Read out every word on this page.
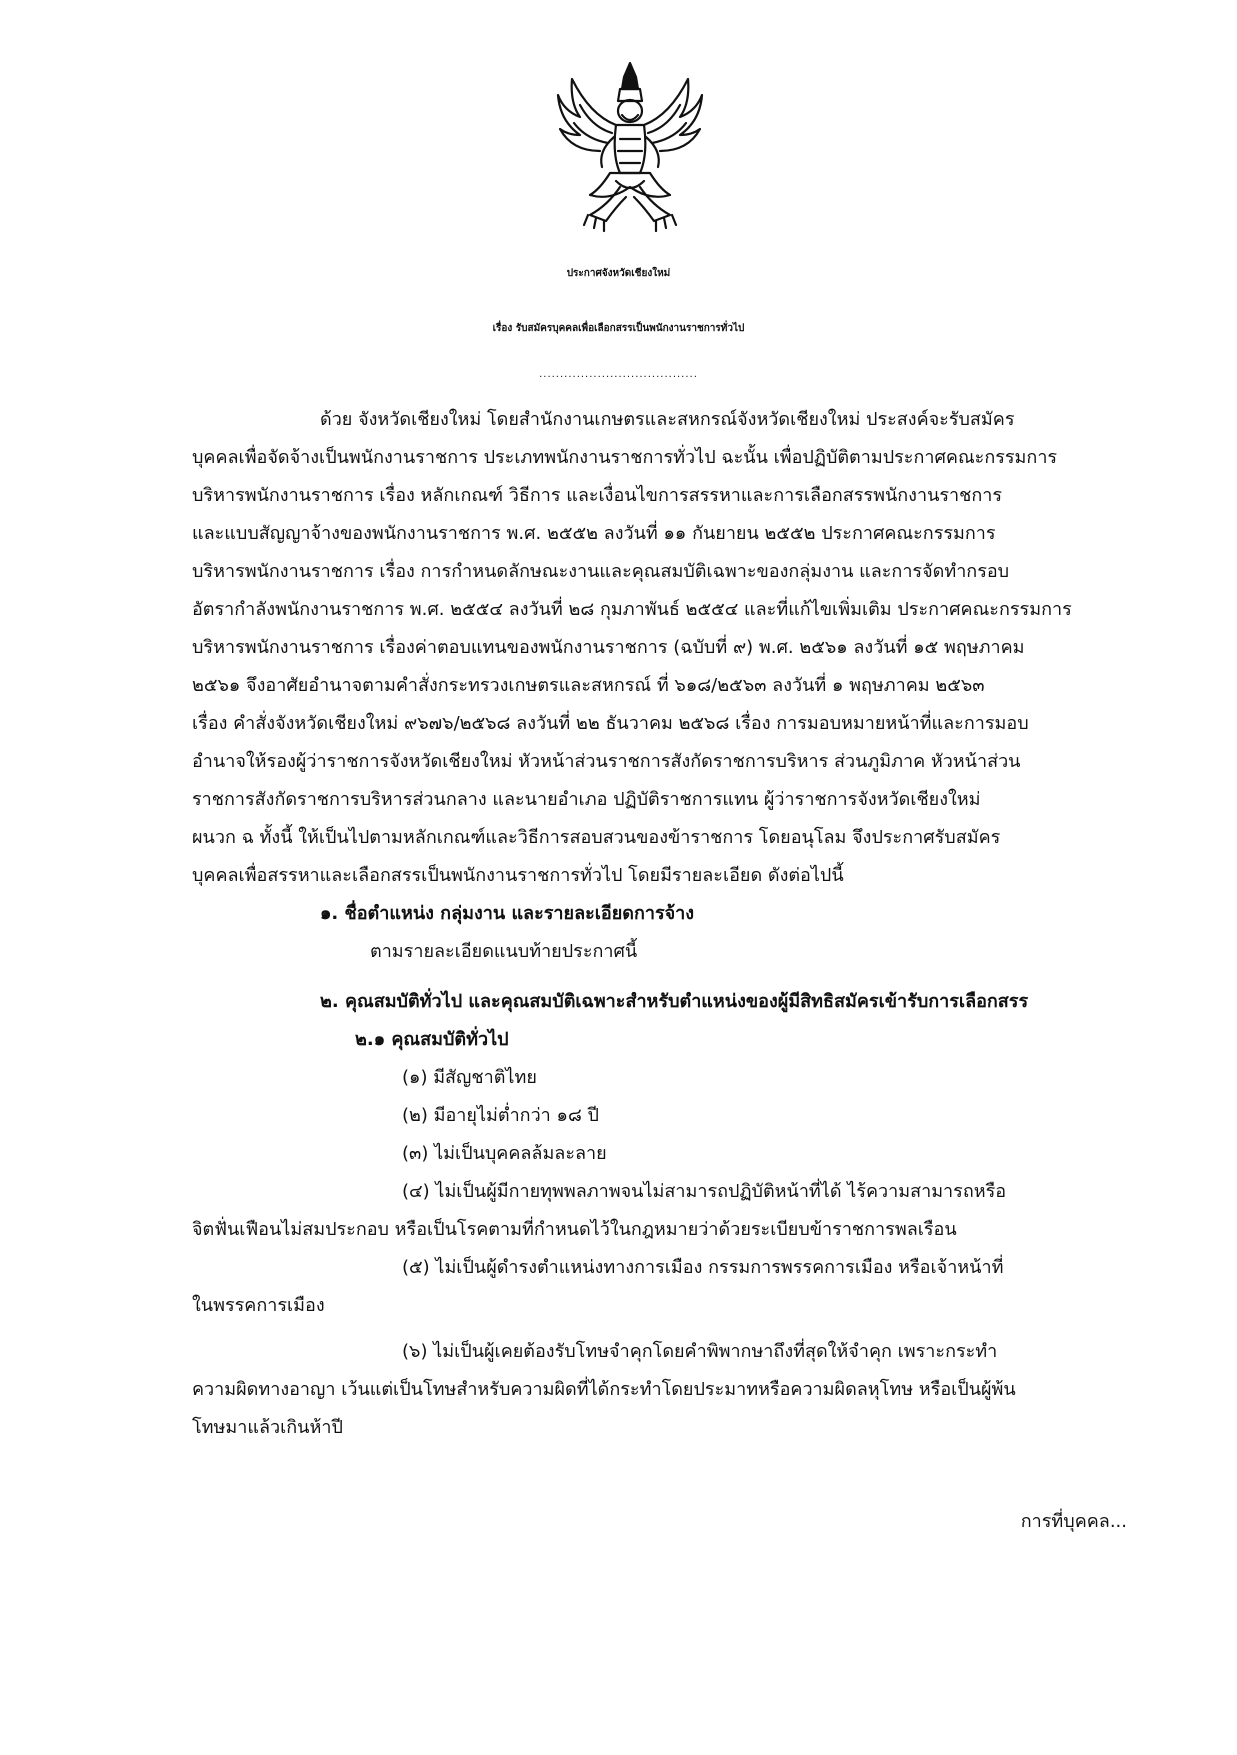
ประกาศจังหวัดเชียงใหม่
เรื่อง รับสมัครบุคคลเพื่อเลือกสรรเป็นพนักงานราชการทั่วไป
......................................
ด้วย จังหวัดเชียงใหม่ โดยสำนักงานเกษตรและสหกรณ์จังหวัดเชียงใหม่ ประสงค์จะรับสมัคร
บุคคลเพื่อจัดจ้างเป็นพนักงานราชการ ประเภทพนักงานราชการทั่วไป ฉะนั้น เพื่อปฏิบัติตามประกาศคณะกรรมการ
บริหารพนักงานราชการ เรื่อง หลักเกณฑ์ วิธีการ และเงื่อนไขการสรรหาและการเลือกสรรพนักงานราชการ
และแบบสัญญาจ้างของพนักงานราชการ พ.ศ. ๒๕๕๒ ลงวันที่ ๑๑ กันยายน ๒๕๕๒ ประกาศคณะกรรมการ
บริหารพนักงานราชการ เรื่อง การกำหนดลักษณะงานและคุณสมบัติเฉพาะของกลุ่มงาน และการจัดทำกรอบ
อัตรากำลังพนักงานราชการ พ.ศ. ๒๕๕๔ ลงวันที่ ๒๘ กุมภาพันธ์ ๒๕๕๔ และที่แก้ไขเพิ่มเติม ประกาศคณะกรรมการ
บริหารพนักงานราชการ เรื่องค่าตอบแทนของพนักงานราชการ (ฉบับที่ ๙) พ.ศ. ๒๕๖๑ ลงวันที่ ๑๕ พฤษภาคม
๒๕๖๑ จึงอาศัยอำนาจตามคำสั่งกระทรวงเกษตรและสหกรณ์ ที่ ๖๑๘/๒๕๖๓ ลงวันที่ ๑ พฤษภาคม ๒๕๖๓
เรื่อง คำสั่งจังหวัดเชียงใหม่ ๙๖๗๖/๒๕๖๘ ลงวันที่ ๒๒ ธันวาคม ๒๕๖๘ เรื่อง การมอบหมายหน้าที่และการมอบ
อำนาจให้รองผู้ว่าราชการจังหวัดเชียงใหม่ หัวหน้าส่วนราชการสังกัดราชการบริหาร ส่วนภูมิภาค หัวหน้าส่วน
ราชการสังกัดราชการบริหารส่วนกลาง และนายอำเภอ ปฏิบัติราชการแทน ผู้ว่าราชการจังหวัดเชียงใหม่
ผนวก ฉ ทั้งนี้ ให้เป็นไปตามหลักเกณฑ์และวิธีการสอบสวนของข้าราชการ โดยอนุโลม จึงประกาศรับสมัคร
บุคคลเพื่อสรรหาและเลือกสรรเป็นพนักงานราชการทั่วไป โดยมีรายละเอียด ดังต่อไปนี้
๑. ชื่อตำแหน่ง กลุ่มงาน และรายละเอียดการจ้าง
ตามรายละเอียดแนบท้ายประกาศนี้
๒. คุณสมบัติทั่วไป และคุณสมบัติเฉพาะสำหรับตำแหน่งของผู้มีสิทธิสมัครเข้ารับการเลือกสรร
๒.๑ คุณสมบัติทั่วไป
(๑) มีสัญชาติไทย
(๒) มีอายุไม่ต่ำกว่า ๑๘ ปี
(๓) ไม่เป็นบุคคลล้มละลาย
(๔) ไม่เป็นผู้มีกายทุพพลภาพจนไม่สามารถปฏิบัติหน้าที่ได้ ไร้ความสามารถหรือ
จิตฟั่นเฟือนไม่สมประกอบ หรือเป็นโรคตามที่กำหนดไว้ในกฎหมายว่าด้วยระเบียบข้าราชการพลเรือน
(๕) ไม่เป็นผู้ดำรงตำแหน่งทางการเมือง กรรมการพรรคการเมือง หรือเจ้าหน้าที่
ในพรรคการเมือง
(๖) ไม่เป็นผู้เคยต้องรับโทษจำคุกโดยคำพิพากษาถึงที่สุดให้จำคุก เพราะกระทำ
ความผิดทางอาญา เว้นแต่เป็นโทษสำหรับความผิดที่ได้กระทำโดยประมาทหรือความผิดลหุโทษ หรือเป็นผู้พ้น
โทษมาแล้วเกินห้าปี
การที่บุคคล...
